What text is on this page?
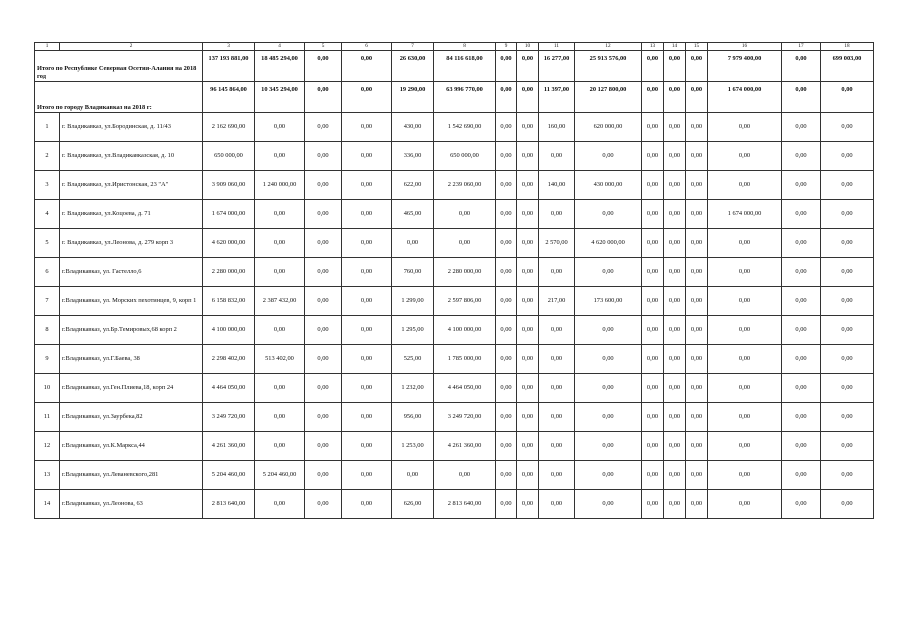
1	2	3	4	5	6	7	8	9	10	11	12	13	14	15	16	17	18
Итого по Республике Северная Осетия-Алания на 2018 год		137 193 881,00	18 485 294,00	0,00	0,00	26 630,00	84 116 618,00	0,00	0,00	16 277,00	25 913 576,00	0,00	0,00	0,00	7 979 400,00	0,00	699 003,00
Итого по городу Владикавказ на 2018 г:		96 145 864,00	10 345 294,00	0,00	0,00	19 290,00	63 996 770,00	0,00	0,00	11 397,00	20 127 800,00	0,00	0,00	0,00	1 674 000,00	0,00	0,00
1	г. Владикавказ, ул.Бородинская, д. 11/43	2 162 690,00	0,00	0,00	0,00	430,00	1 542 690,00	0,00	0,00	160,00	620 000,00	0,00	0,00	0,00	0,00	0,00	0,00
2	г. Владикавказ, ул.Владикавказская, д. 10	650 000,00	0,00	0,00	0,00	336,00	650 000,00	0,00	0,00	0,00	0,00	0,00	0,00	0,00	0,00	0,00	0,00
3	г. Владикавказ, ул.Иристонская, 23 "А"	3 909 060,00	1 240 000,00	0,00	0,00	622,00	2 239 060,00	0,00	0,00	140,00	430 000,00	0,00	0,00	0,00	0,00	0,00	0,00
4	г. Владикавказ, ул.Коцоева, д. 71	1 674 000,00	0,00	0,00	0,00	465,00	0,00	0,00	0,00	0,00	0,00	0,00	0,00	0,00	1 674 000,00	0,00	0,00
5	г. Владикавказ, ул.Леонова, д. 279 корп 3	4 620 000,00	0,00	0,00	0,00	0,00	0,00	0,00	0,00	2 570,00	4 620 000,00	0,00	0,00	0,00	0,00	0,00	0,00
6	г.Владикавказ, ул. Гастелло,6	2 280 000,00	0,00	0,00	0,00	760,00	2 280 000,00	0,00	0,00	0,00	0,00	0,00	0,00	0,00	0,00	0,00	0,00
7	г.Владикавказ, ул. Морских пехотинцев, 9, корп 1	6 158 832,00	2 387 432,00	0,00	0,00	1 299,00	2 597 806,00	0,00	0,00	217,00	173 600,00	0,00	0,00	0,00	0,00	0,00	0,00
8	г.Владикавказ, ул.Бр.Темировых,68 корп 2	4 100 000,00	0,00	0,00	0,00	1 295,00	4 100 000,00	0,00	0,00	0,00	0,00	0,00	0,00	0,00	0,00	0,00	0,00
9	г.Владикавказ, ул.Г.Баева, 38	2 298 402,00	513 402,00	0,00	0,00	525,00	1 785 000,00	0,00	0,00	0,00	0,00	0,00	0,00	0,00	0,00	0,00	0,00
10	г.Владикавказ, ул.Ген.Плиева,18, корп 24	4 464 050,00	0,00	0,00	0,00	1 232,00	4 464 050,00	0,00	0,00	0,00	0,00	0,00	0,00	0,00	0,00	0,00	0,00
11	г.Владикавказ, ул.Заурбека,82	3 249 720,00	0,00	0,00	0,00	956,00	3 249 720,00	0,00	0,00	0,00	0,00	0,00	0,00	0,00	0,00	0,00	0,00
12	г.Владикавказ, ул.К.Маркса,44	4 261 360,00	0,00	0,00	0,00	1 253,00	4 261 360,00	0,00	0,00	0,00	0,00	0,00	0,00	0,00	0,00	0,00	0,00
13	г.Владикавказ, ул.Леваневского,281	5 204 460,00	5 204 460,00	0,00	0,00	0,00	0,00	0,00	0,00	0,00	0,00	0,00	0,00	0,00	0,00	0,00	0,00
14	г.Владикавказ, ул.Леонова, 63	2 813 640,00	0,00	0,00	0,00	626,00	2 813 640,00	0,00	0,00	0,00	0,00	0,00	0,00	0,00	0,00	0,00	0,00
